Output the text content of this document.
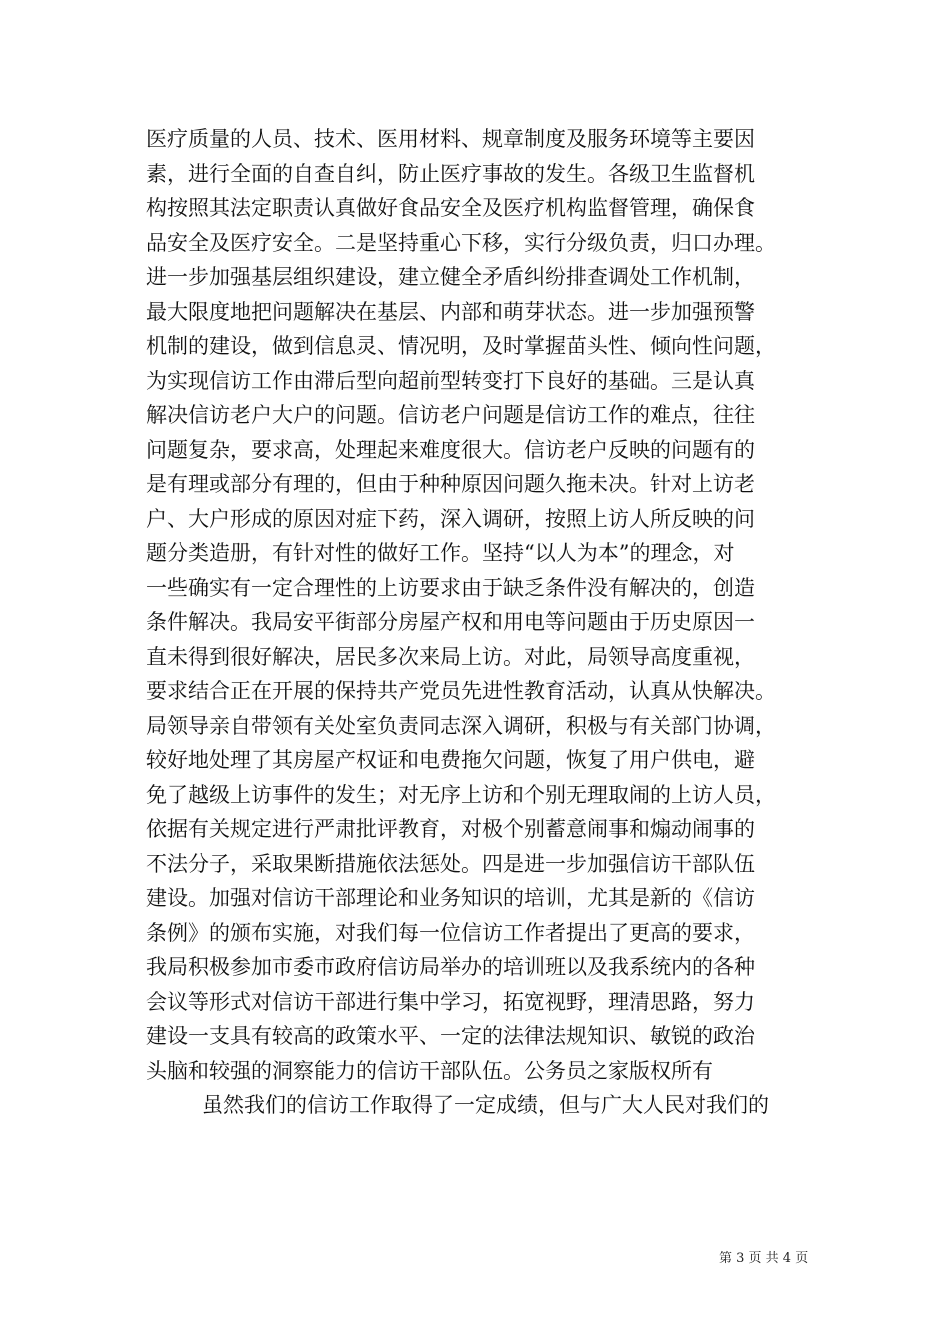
医疗质量的人员、技术、医用材料、规章制度及服务环境等主要因
素，进行全面的自查自纠，防止医疗事故的发生。各级卫生监督机
构按照其法定职责认真做好食品安全及医疗机构监督管理，确保食
品安全及医疗安全。二是坚持重心下移，实行分级负责，归口办理。
进一步加强基层组织建设，建立健全矛盾纠纷排查调处工作机制，
最大限度地把问题解决在基层、内部和萌芽状态。进一步加强预警
机制的建设，做到信息灵、情况明，及时掌握苗头性、倾向性问题，
为实现信访工作由滞后型向超前型转变打下良好的基础。三是认真
解决信访老户大户的问题。信访老户问题是信访工作的难点，往往
问题复杂，要求高，处理起来难度很大。信访老户反映的问题有的
是有理或部分有理的，但由于种种原因问题久拖未决。针对上访老
户、大户形成的原因对症下药，深入调研，按照上访人所反映的问
题分类造册，有针对性的做好工作。坚持“以人为本”的理念，对
一些确实有一定合理性的上访要求由于缺乏条件没有解决的，创造
条件解决。我局安平街部分房屋产权和用电等问题由于历史原因一
直未得到很好解决，居民多次来局上访。对此，局领导高度重视，
要求结合正在开展的保持共产党员先进性教育活动，认真从快解决。
局领导亲自带领有关处室负责同志深入调研，积极与有关部门协调，
较好地处理了其房屋产权证和电费拖欠问题，恢复了用户供电，避
免了越级上访事件的发生；对无序上访和个别无理取闹的上访人员，
依据有关规定进行严肃批评教育，对极个别蓄意闹事和煽动闹事的
不法分子，采取果断措施依法惩处。四是进一步加强信访干部队伍
建设。加强对信访干部理论和业务知识的培训，尤其是新的《信访
条例》的颁布实施，对我们每一位信访工作者提出了更高的要求，
我局积极参加市委市政府信访局举办的培训班以及我系统内的各种
会议等形式对信访干部进行集中学习，拓宽视野，理清思路，努力
建设一支具有较高的政策水平、一定的法律法规知识、敏锐的政治
头脑和较强的洞察能力的信访干部队伍。公务员之家版权所有
虽然我们的信访工作取得了一定成绩，但与广大人民对我们的
第 3 页 共 4 页
